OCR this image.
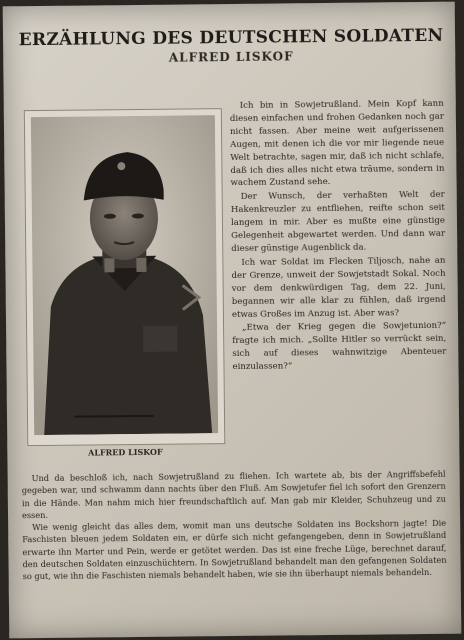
ERZÄHLUNG DES DEUTSCHEN SOLDATEN
ALFRED LISKOF
ALFRED LISKOF

Ich bin in Sowjetrußland. Mein Kopf kann diesen einfachen und frohen Gedanken noch gar nicht fassen. Aber meine weit aufgerissenen Augen, mit denen ich die vor mir liegende neue Welt betrachte, sagen mir, daß ich nicht schlafe, daß ich dies alles nicht etwa träume, sondern in wachem Zustand sehe.

Der Wunsch, der verhaßten Welt der Hakenkreuzler zu entfliehen, reifte schon seit langem in mir. Aber es mußte eine günstige Gelegenheit abgewartet werden. Und dann war dieser günstige Augenblick da.

Ich war Soldat im Flecken Tiljosch, nahe an der Grenze, unweit der Sowjetstadt Sokal. Noch vor dem denkwürdigen Tag, dem 22. Juni, begannen wir alle klar zu fühlen, daß irgend etwas Großes im Anzug ist. Aber was?

„Etwa der Krieg gegen die Sowjetunion?“ fragte ich mich. „Sollte Hitler so verrückt sein, sich auf dieses wahnwitzige Abenteuer einzulassen?“

Und da beschloß ich, nach Sowjetrußland zu fliehen. Ich wartete ab, bis der Angriffsbefehl gegeben war, und schwamm dann nachts über den Fluß. Am Sowjetufer fiel ich sofort den Grenzern in die Hände. Man nahm mich hier freundschaftlich auf. Man gab mir Kleider, Schuhzeug und zu essen.

Wie wenig gleicht das alles dem, womit man uns deutsche Soldaten ins Bockshorn jagte! Die Faschisten bleuen jedem Soldaten ein, er dürfe sich nicht gefangengeben, denn in Sowjetrußland erwarte ihn Marter und Pein, werde er getötet werden. Das ist eine freche Lüge, berechnet darauf, den deutschen Soldaten einzuschüchtern. In Sowjetrußland behandelt man den gefangenen Soldaten so gut, wie ihn die Faschisten niemals behandelt haben, wie sie ihn überhaupt niemals behandeln.
